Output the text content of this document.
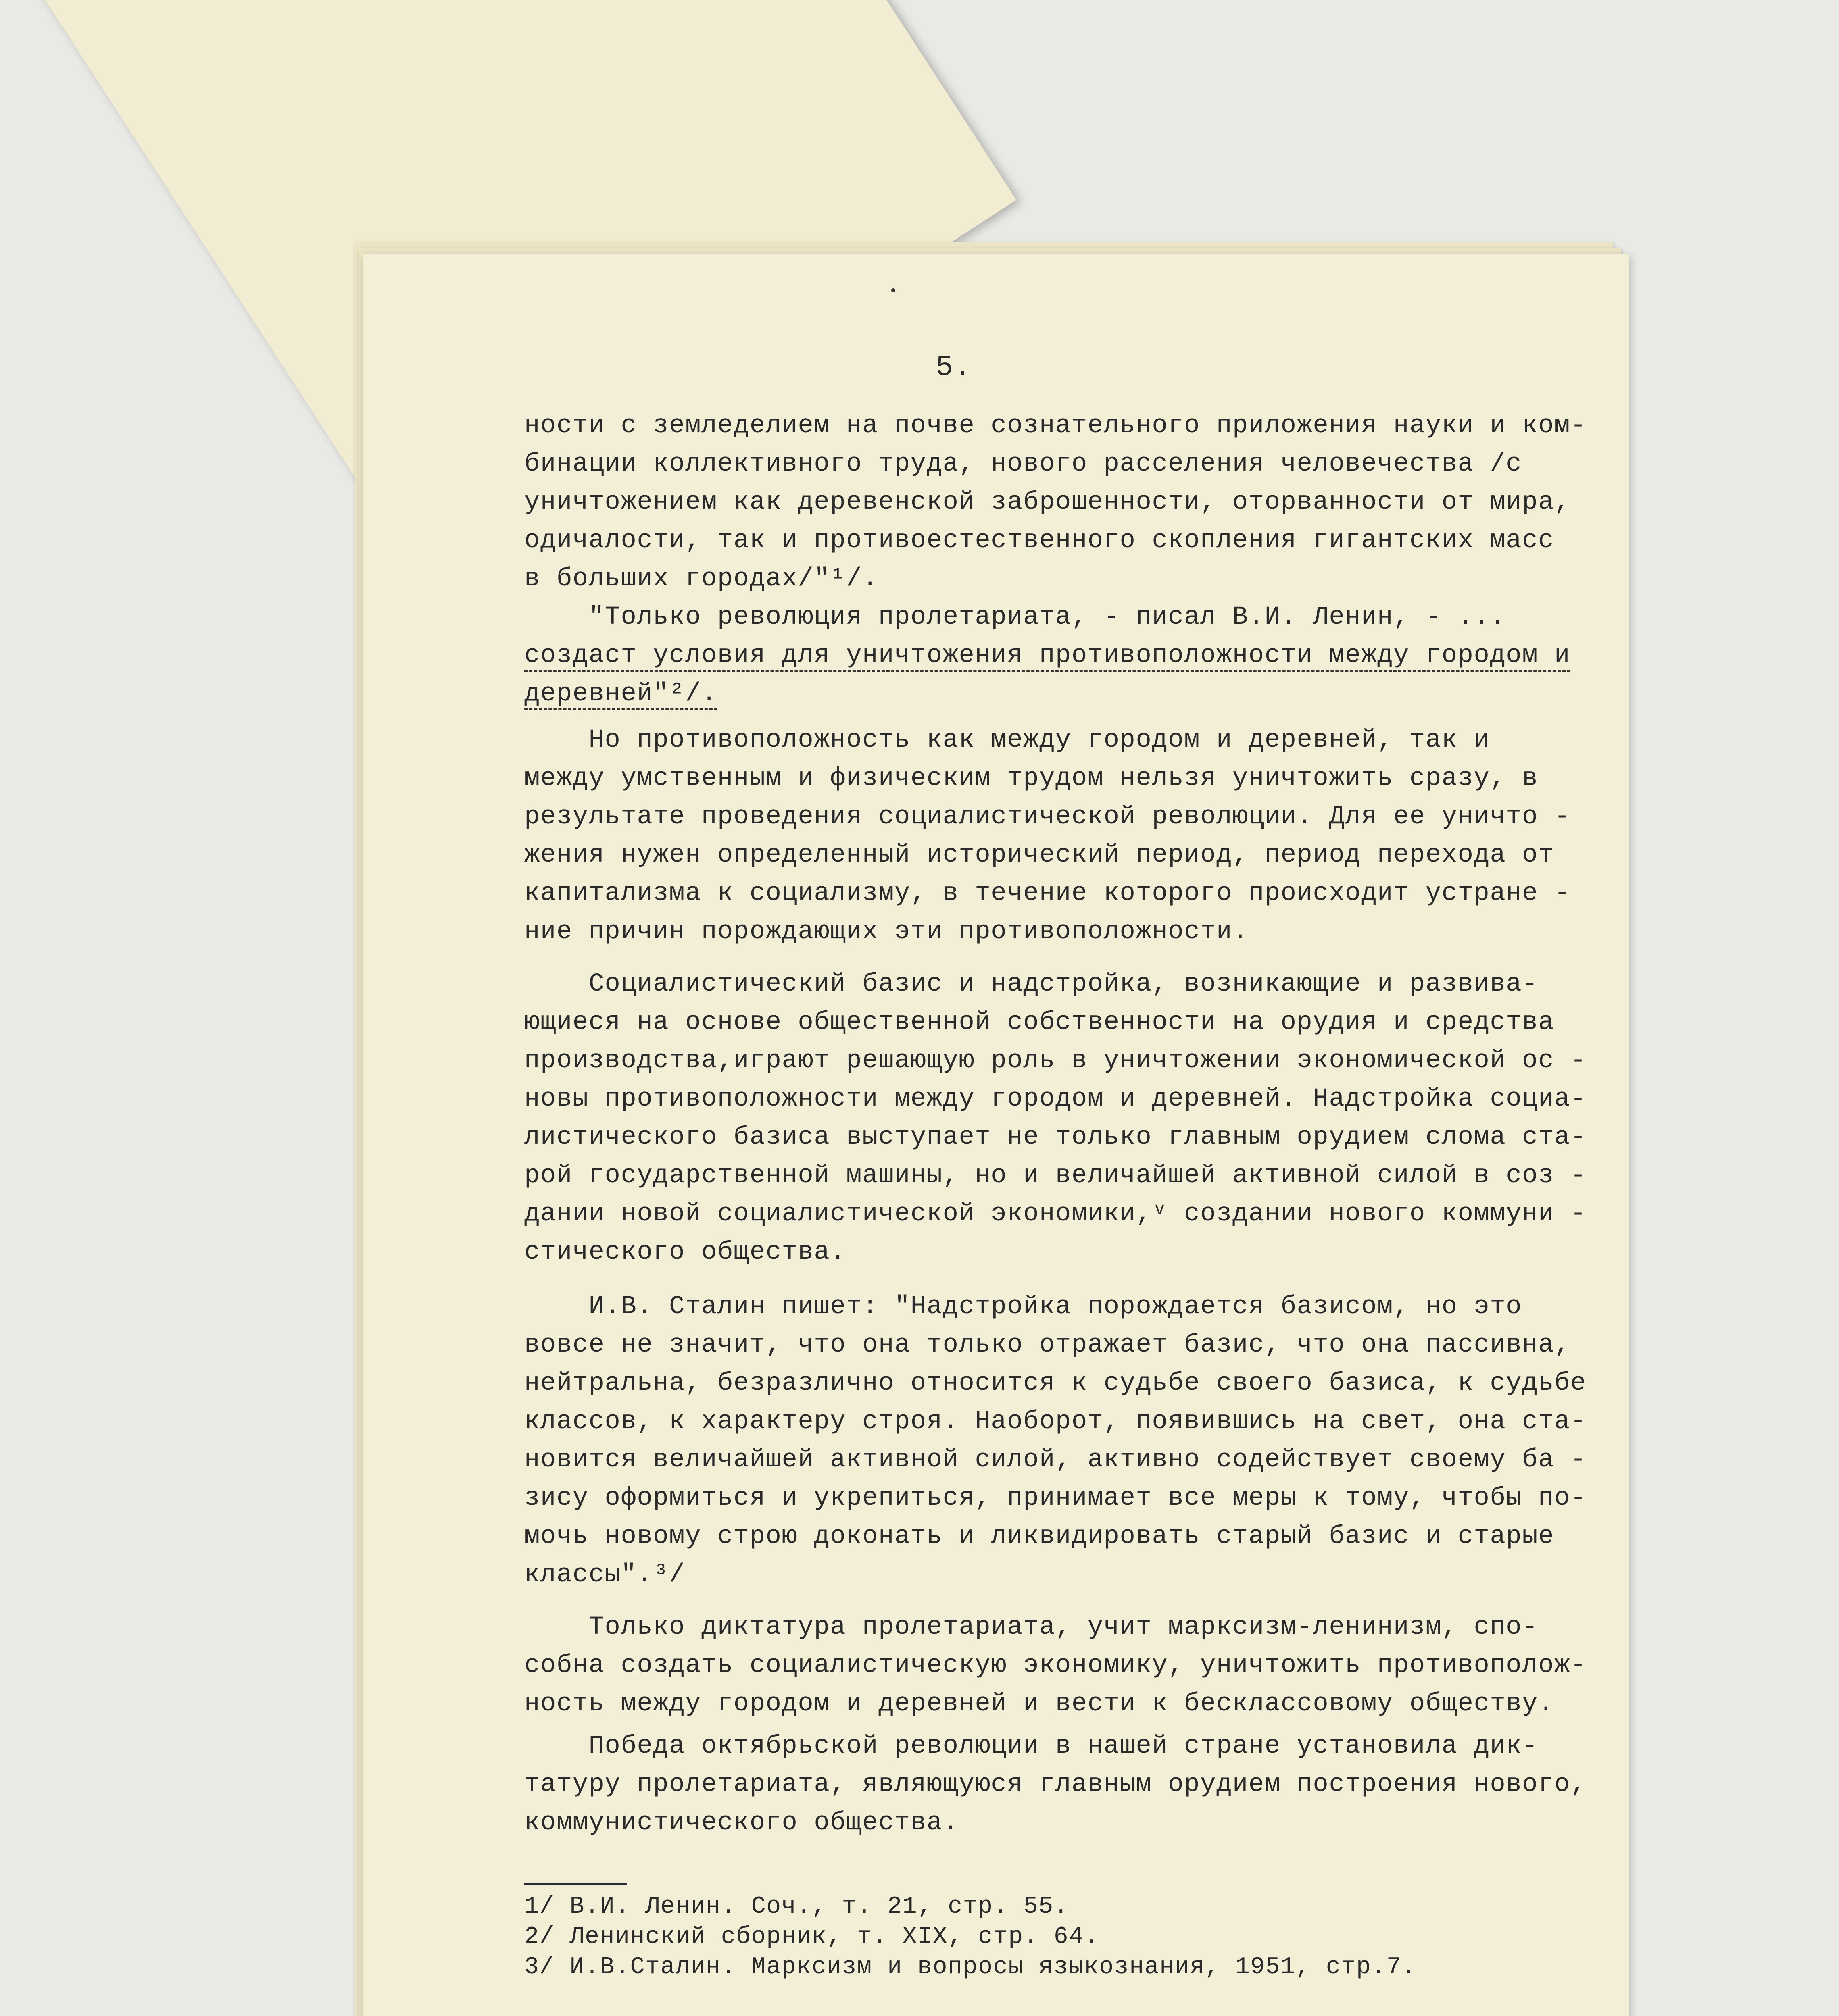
5.
ности с земледелием на почве сознательного приложения науки и ком-
бинации коллективного труда, нового расселения человечества /с
уничтожением как деревенской заброшенности, оторванности от мира,
одичалости, так и противоестественного скопления гигантских масс
в больших городах/"¹/.
"Только революция пролетариата, - писал В.И. Ленин, - ...
создаст условия для уничтожения противоположности между городом и
деревней"²/.
Но противоположность как между городом и деревней, так и
между умственным и физическим трудом нельзя уничтожить сразу, в
результате проведения социалистической революции. Для ее уничто -
жения нужен определенный исторический период, период перехода от
капитализма к социализму, в течение которого происходит устране -
ние причин порождающих эти противоположности.
Социалистический базис и надстройка, возникающие и развива-
ющиеся на основе общественной собственности на орудия и средства
производства,играют решающую роль в уничтожении экономической ос -
новы противоположности между городом и деревней. Надстройка социа-
листического базиса выступает не только главным орудием слома ста-
рой государственной машины, но и величайшей активной силой в соз -
дании новой социалистической экономики,ᵛ создании нового коммуни -
стического общества.
И.В. Сталин пишет: "Надстройка порождается базисом, но это
вовсе не значит, что она только отражает базис, что она пассивна,
нейтральна, безразлично относится к судьбе своего базиса, к судьбе
классов, к характеру строя. Наоборот, появившись на свет, она ста-
новится величайшей активной силой, активно содействует своему ба -
зису оформиться и укрепиться, принимает все меры к тому, чтобы по-
мочь новому строю доконать и ликвидировать старый базис и старые
классы".³/
Только диктатура пролетариата, учит марксизм-ленинизм, спо-
собна создать социалистическую экономику, уничтожить противополож-
ность между городом и деревней и вести к бесклассовому обществу.
Победа октябрьской революции в нашей стране установила дик-
татуру пролетариата, являющуюся главным орудием построения нового,
коммунистического общества.
1/ В.И. Ленин. Соч., т. 21, стр. 55.
2/ Ленинский сборник, т. XIX, стр. 64.
3/ И.В.Сталин. Марксизм и вопросы языкознания, 1951, стр.7.
